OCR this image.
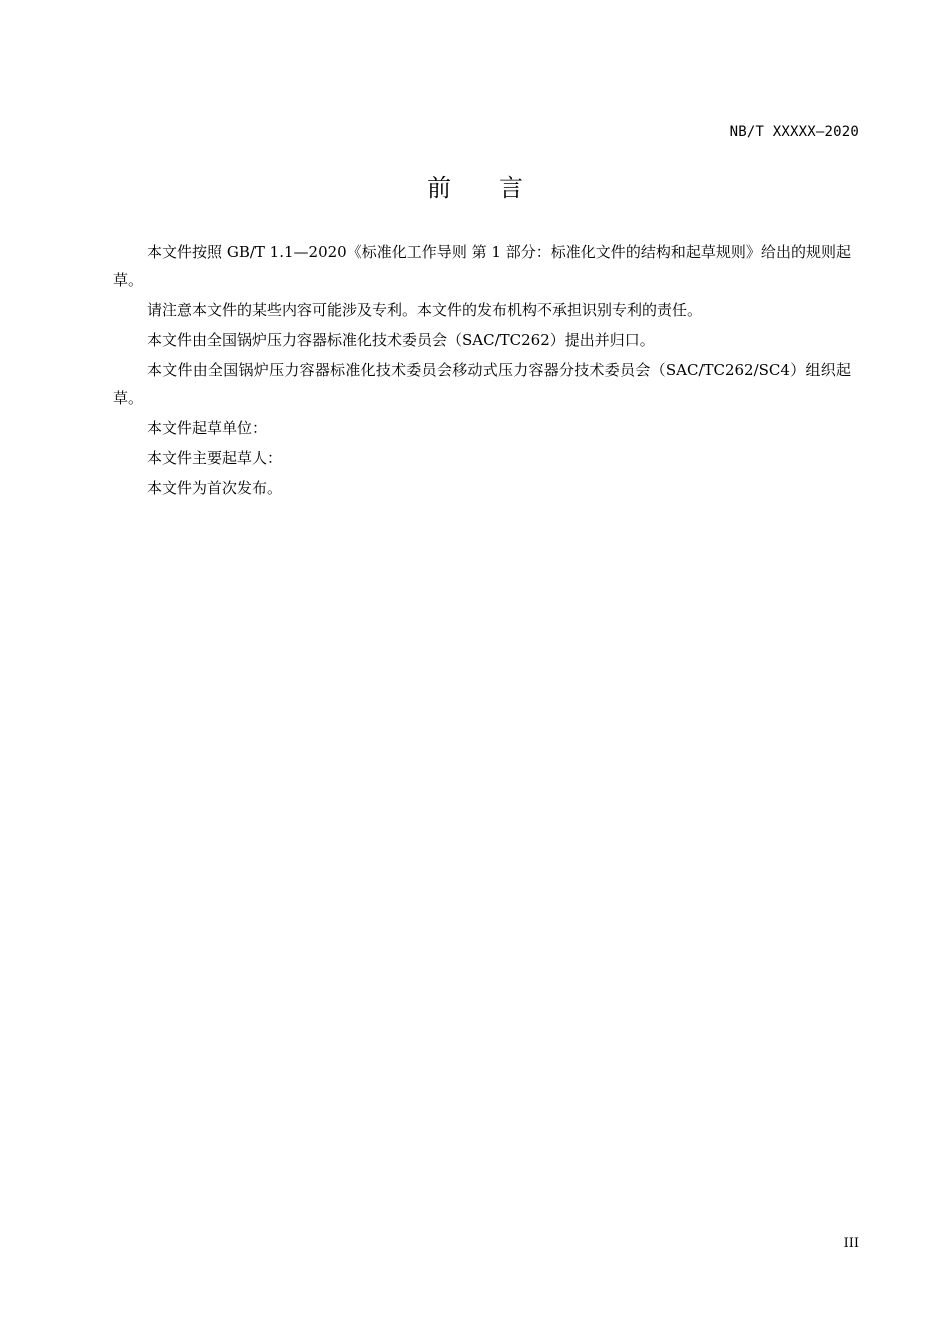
NB/T XXXXX—2020
前 言

本文件按照 GB/T 1.1—2020《标准化工作导则 第 1 部分：标准化文件的结构和起草规则》给出的规则起草。

请注意本文件的某些内容可能涉及专利。本文件的发布机构不承担识别专利的责任。

本文件由全国锅炉压力容器标准化技术委员会（SAC/TC262）提出并归口。

本文件由全国锅炉压力容器标准化技术委员会移动式压力容器分技术委员会（SAC/TC262/SC4）组织起草。

本文件起草单位：

本文件主要起草人：

本文件为首次发布。

III
